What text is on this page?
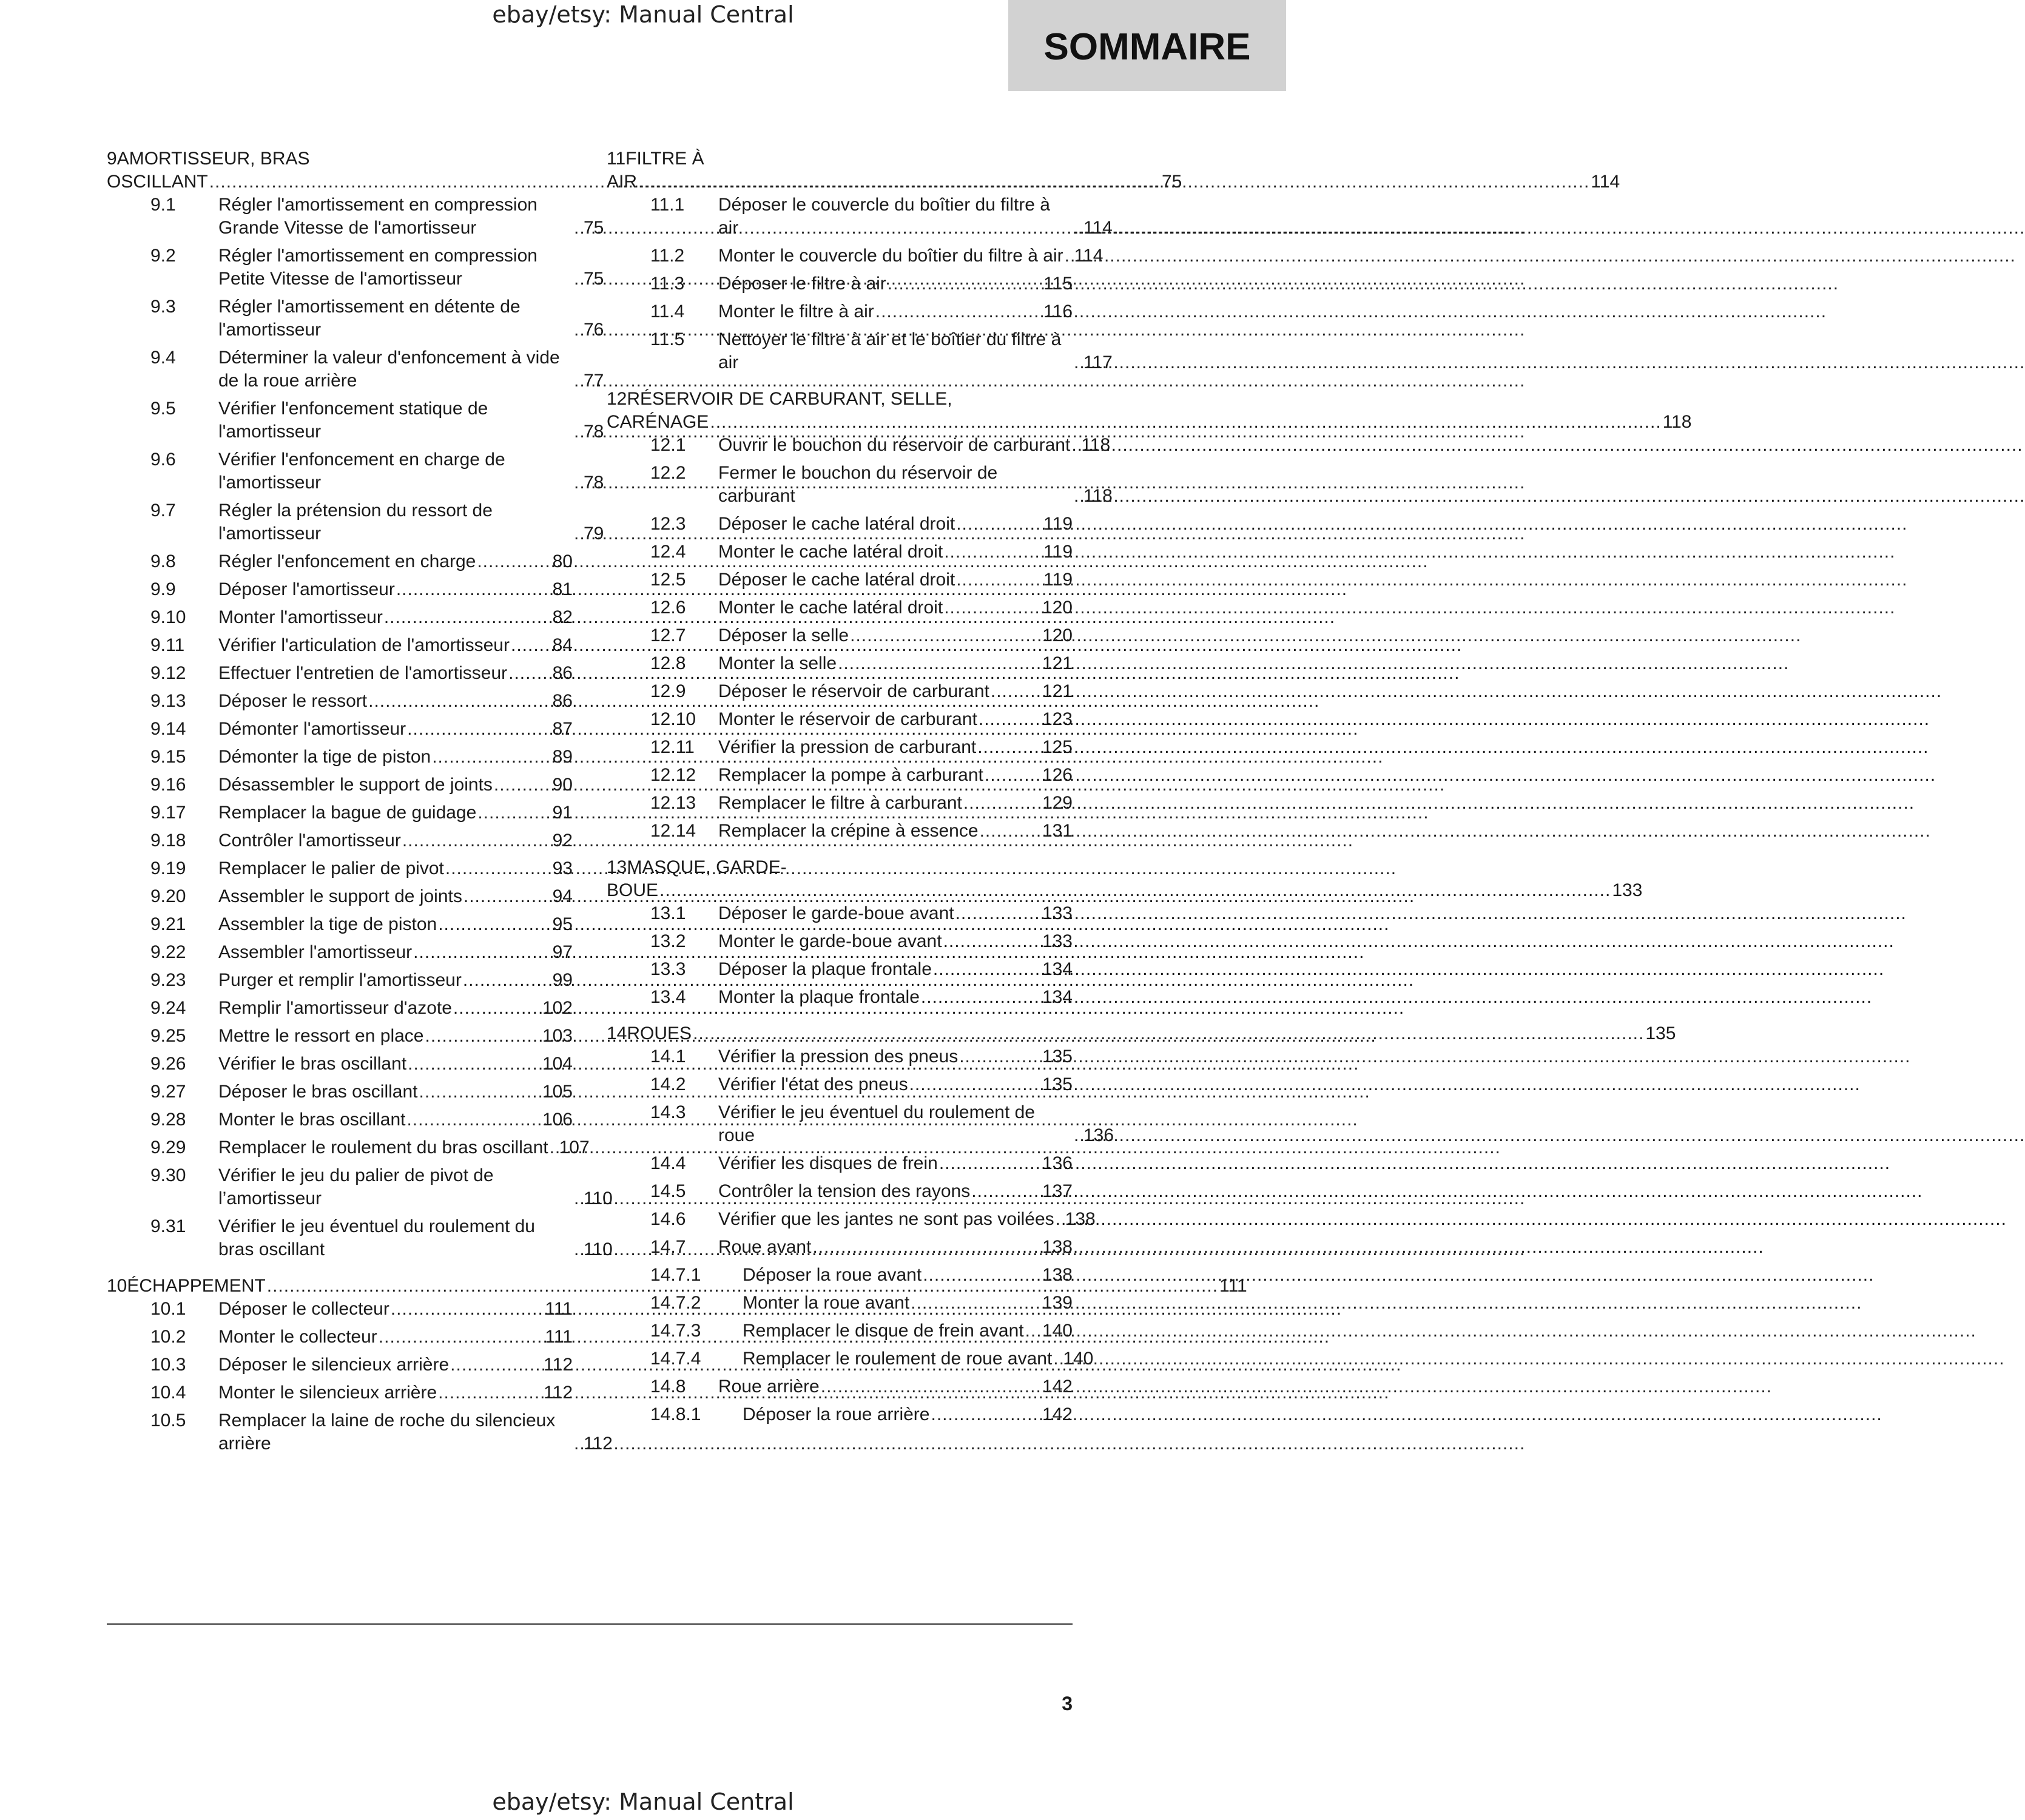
ebay/etsy: Manual Central
SOMMAIRE
9AMORTISSEUR, BRAS OSCILLANT .....	75
9.1	Régler l'amortissement en compression Grande Vitesse de l'amortisseur .....	75
9.2	Régler l'amortissement en compression Petite Vitesse de l'amortisseur .....	75
9.3	Régler l'amortissement en détente de l'amortisseur .....	76
9.4	Déterminer la valeur d'enfoncement à vide de la roue arrière .....	77
9.5	Vérifier l'enfoncement statique de l'amortisseur .....	78
9.6	Vérifier l'enfoncement en charge de l'amortisseur .....	78
9.7	Régler la prétension du ressort de l'amortisseur .....	79
9.8	Régler l'enfoncement en charge .....	80
9.9	Déposer l'amortisseur .....	81
9.10	Monter l'amortisseur .....	82
9.11	Vérifier l'articulation de l'amortisseur ..... 84
9.12	Effectuer l'entretien de l'amortisseur ..... 86
9.13	Déposer le ressort .....	86
9.14	Démonter l'amortisseur .....	87
9.15	Démonter la tige de piston .....	89
9.16	Désassembler le support de joints .....	90
9.17	Remplacer la bague de guidage .....	91
9.18	Contrôler l'amortisseur .....	92
9.19	Remplacer le palier de pivot .....	93
9.20	Assembler le support de joints .....	94
9.21	Assembler la tige de piston .....	95
9.22	Assembler l'amortisseur .....	97
9.23	Purger et remplir l'amortisseur .....	99
9.24	Remplir l'amortisseur d'azote .....	102
9.25	Mettre le ressort en place .....	103
9.26	Vérifier le bras oscillant .....	104
9.27	Déposer le bras oscillant .....	105
9.28	Monter le bras oscillant .....	106
9.29	Remplacer le roulement du bras oscillant ..... 107
9.30	Vérifier le jeu du palier de pivot de l’amortisseur .....	110
9.31	Vérifier le jeu éventuel du roulement du bras oscillant .....	110
10ÉCHAPPEMENT .....	111
10.1	Déposer le collecteur .....	111
10.2	Monter le collecteur .....	111
10.3	Déposer le silencieux arrière .....	112
10.4	Monter le silencieux arrière .....	112
10.5	Remplacer la laine de roche du silencieux arrière .....	112
11FILTRE À AIR .....	114
11.1	Déposer le couvercle du boîtier du filtre à air .....	114
11.2	Monter le couvercle du boîtier du filtre à air ..... 114
11.3	Déposer le filtre à air .....	115
11.4	Monter le filtre à air .....	116
11.5	Nettoyer le filtre à air et le boîtier du filtre à air .....	117
12RÉSERVOIR DE CARBURANT, SELLE, CARÉNAGE .....	118
12.1	Ouvrir le bouchon du réservoir de carburant ..... 118
12.2	Fermer le bouchon du réservoir de carburant .....	118
12.3	Déposer le cache latéral droit .....	119
12.4	Monter le cache latéral droit .....	119
12.5	Déposer le cache latéral droit .....	119
12.6	Monter le cache latéral droit .....	120
12.7	Déposer la selle .....	120
12.8	Monter la selle .....	121
12.9	Déposer le réservoir de carburant .....	121
12.10	Monter le réservoir de carburant .....	123
12.11	Vérifier la pression de carburant .....	125
12.12	Remplacer la pompe à carburant .....	126
12.13	Remplacer le filtre à carburant .....	129
12.14	Remplacer la crépine à essence .....	131
13MASQUE, GARDE-BOUE .....	133
13.1	Déposer le garde-boue avant .....	133
13.2	Monter le garde-boue avant .....	133
13.3	Déposer la plaque frontale .....	134
13.4	Monter la plaque frontale .....	134
14ROUES .....	135
14.1	Vérifier la pression des pneus .....	135
14.2	Vérifier l'état des pneus .....	135
14.3	Vérifier le jeu éventuel du roulement de roue .....	136
14.4	Vérifier les disques de frein .....	136
14.5	Contrôler la tension des rayons .....	137
14.6	Vérifier que les jantes ne sont pas voilées ..... 138
14.7	Roue avant .....	138
14.7.1	Déposer la roue avant .....	138
14.7.2	Monter la roue avant .....	139
14.7.3	Remplacer le disque de frein avant ..... 140
14.7.4	Remplacer le roulement de roue avant ..... 140
14.8	Roue arrière .....	142
14.8.1	Déposer la roue arrière .....	142
3
ebay/etsy: Manual Central
